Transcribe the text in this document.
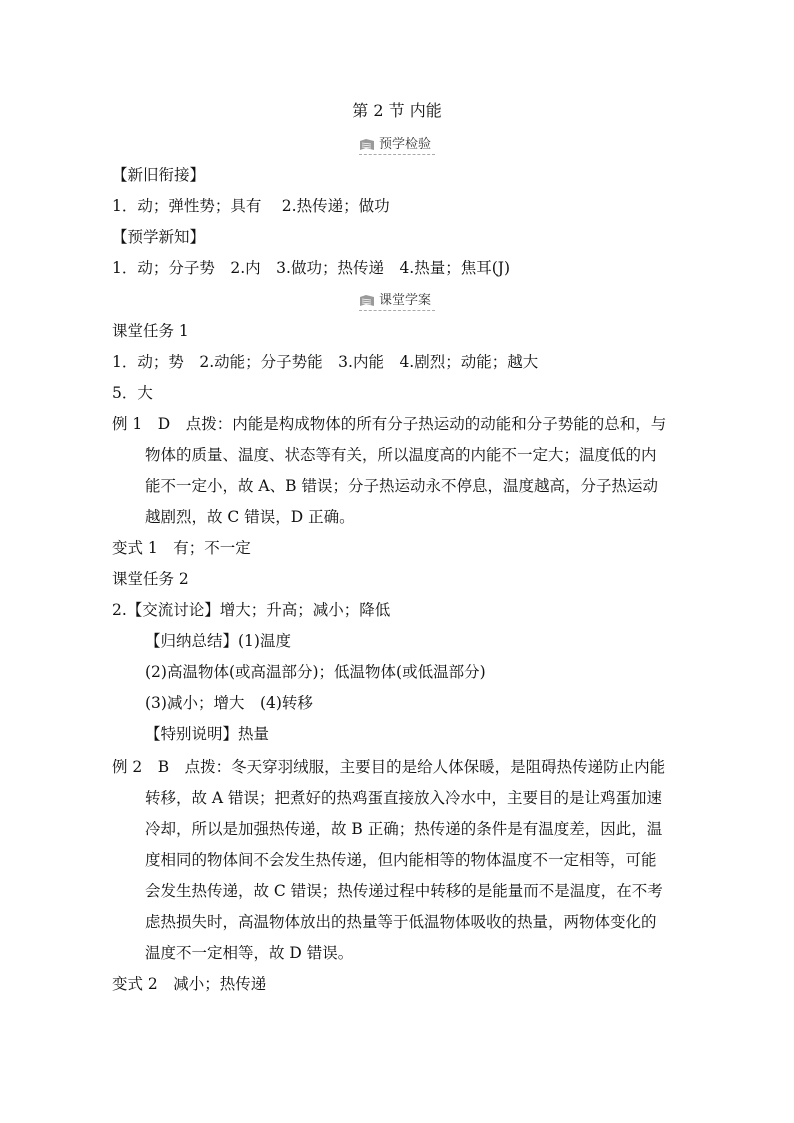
第 2 节 内能
预学检验
【新旧衔接】
1．动；弹性势；具有　 2.热传递；做功
【预学新知】
1．动；分子势　2.内　3.做功；热传递　4.热量；焦耳(J)
课堂学案
课堂任务 1
1．动；势　2.动能；分子势能　3.内能　4.剧烈；动能；越大
5．大
例 1　D　点拨：内能是构成物体的所有分子热运动的动能和分子势能的总和，与
物体的质量、温度、状态等有关，所以温度高的内能不一定大；温度低的内
能不一定小，故 A、B 错误；分子热运动永不停息，温度越高，分子热运动
越剧烈，故 C 错误，D 正确。
变式 1　有；不一定
课堂任务 2
2.【交流讨论】增大；升高；减小；降低
【归纳总结】(1)温度
(2)高温物体(或高温部分)；低温物体(或低温部分)
(3)减小；增大　(4)转移
【特别说明】热量
例 2　B　点拨：冬天穿羽绒服，主要目的是给人体保暖，是阻碍热传递防止内能
转移，故 A 错误；把煮好的热鸡蛋直接放入冷水中，主要目的是让鸡蛋加速
冷却，所以是加强热传递，故 B 正确；热传递的条件是有温度差，因此，温
度相同的物体间不会发生热传递，但内能相等的物体温度不一定相等，可能
会发生热传递，故 C 错误；热传递过程中转移的是能量而不是温度，在不考
虑热损失时，高温物体放出的热量等于低温物体吸收的热量，两物体变化的
温度不一定相等，故 D 错误。
变式 2　减小；热传递
